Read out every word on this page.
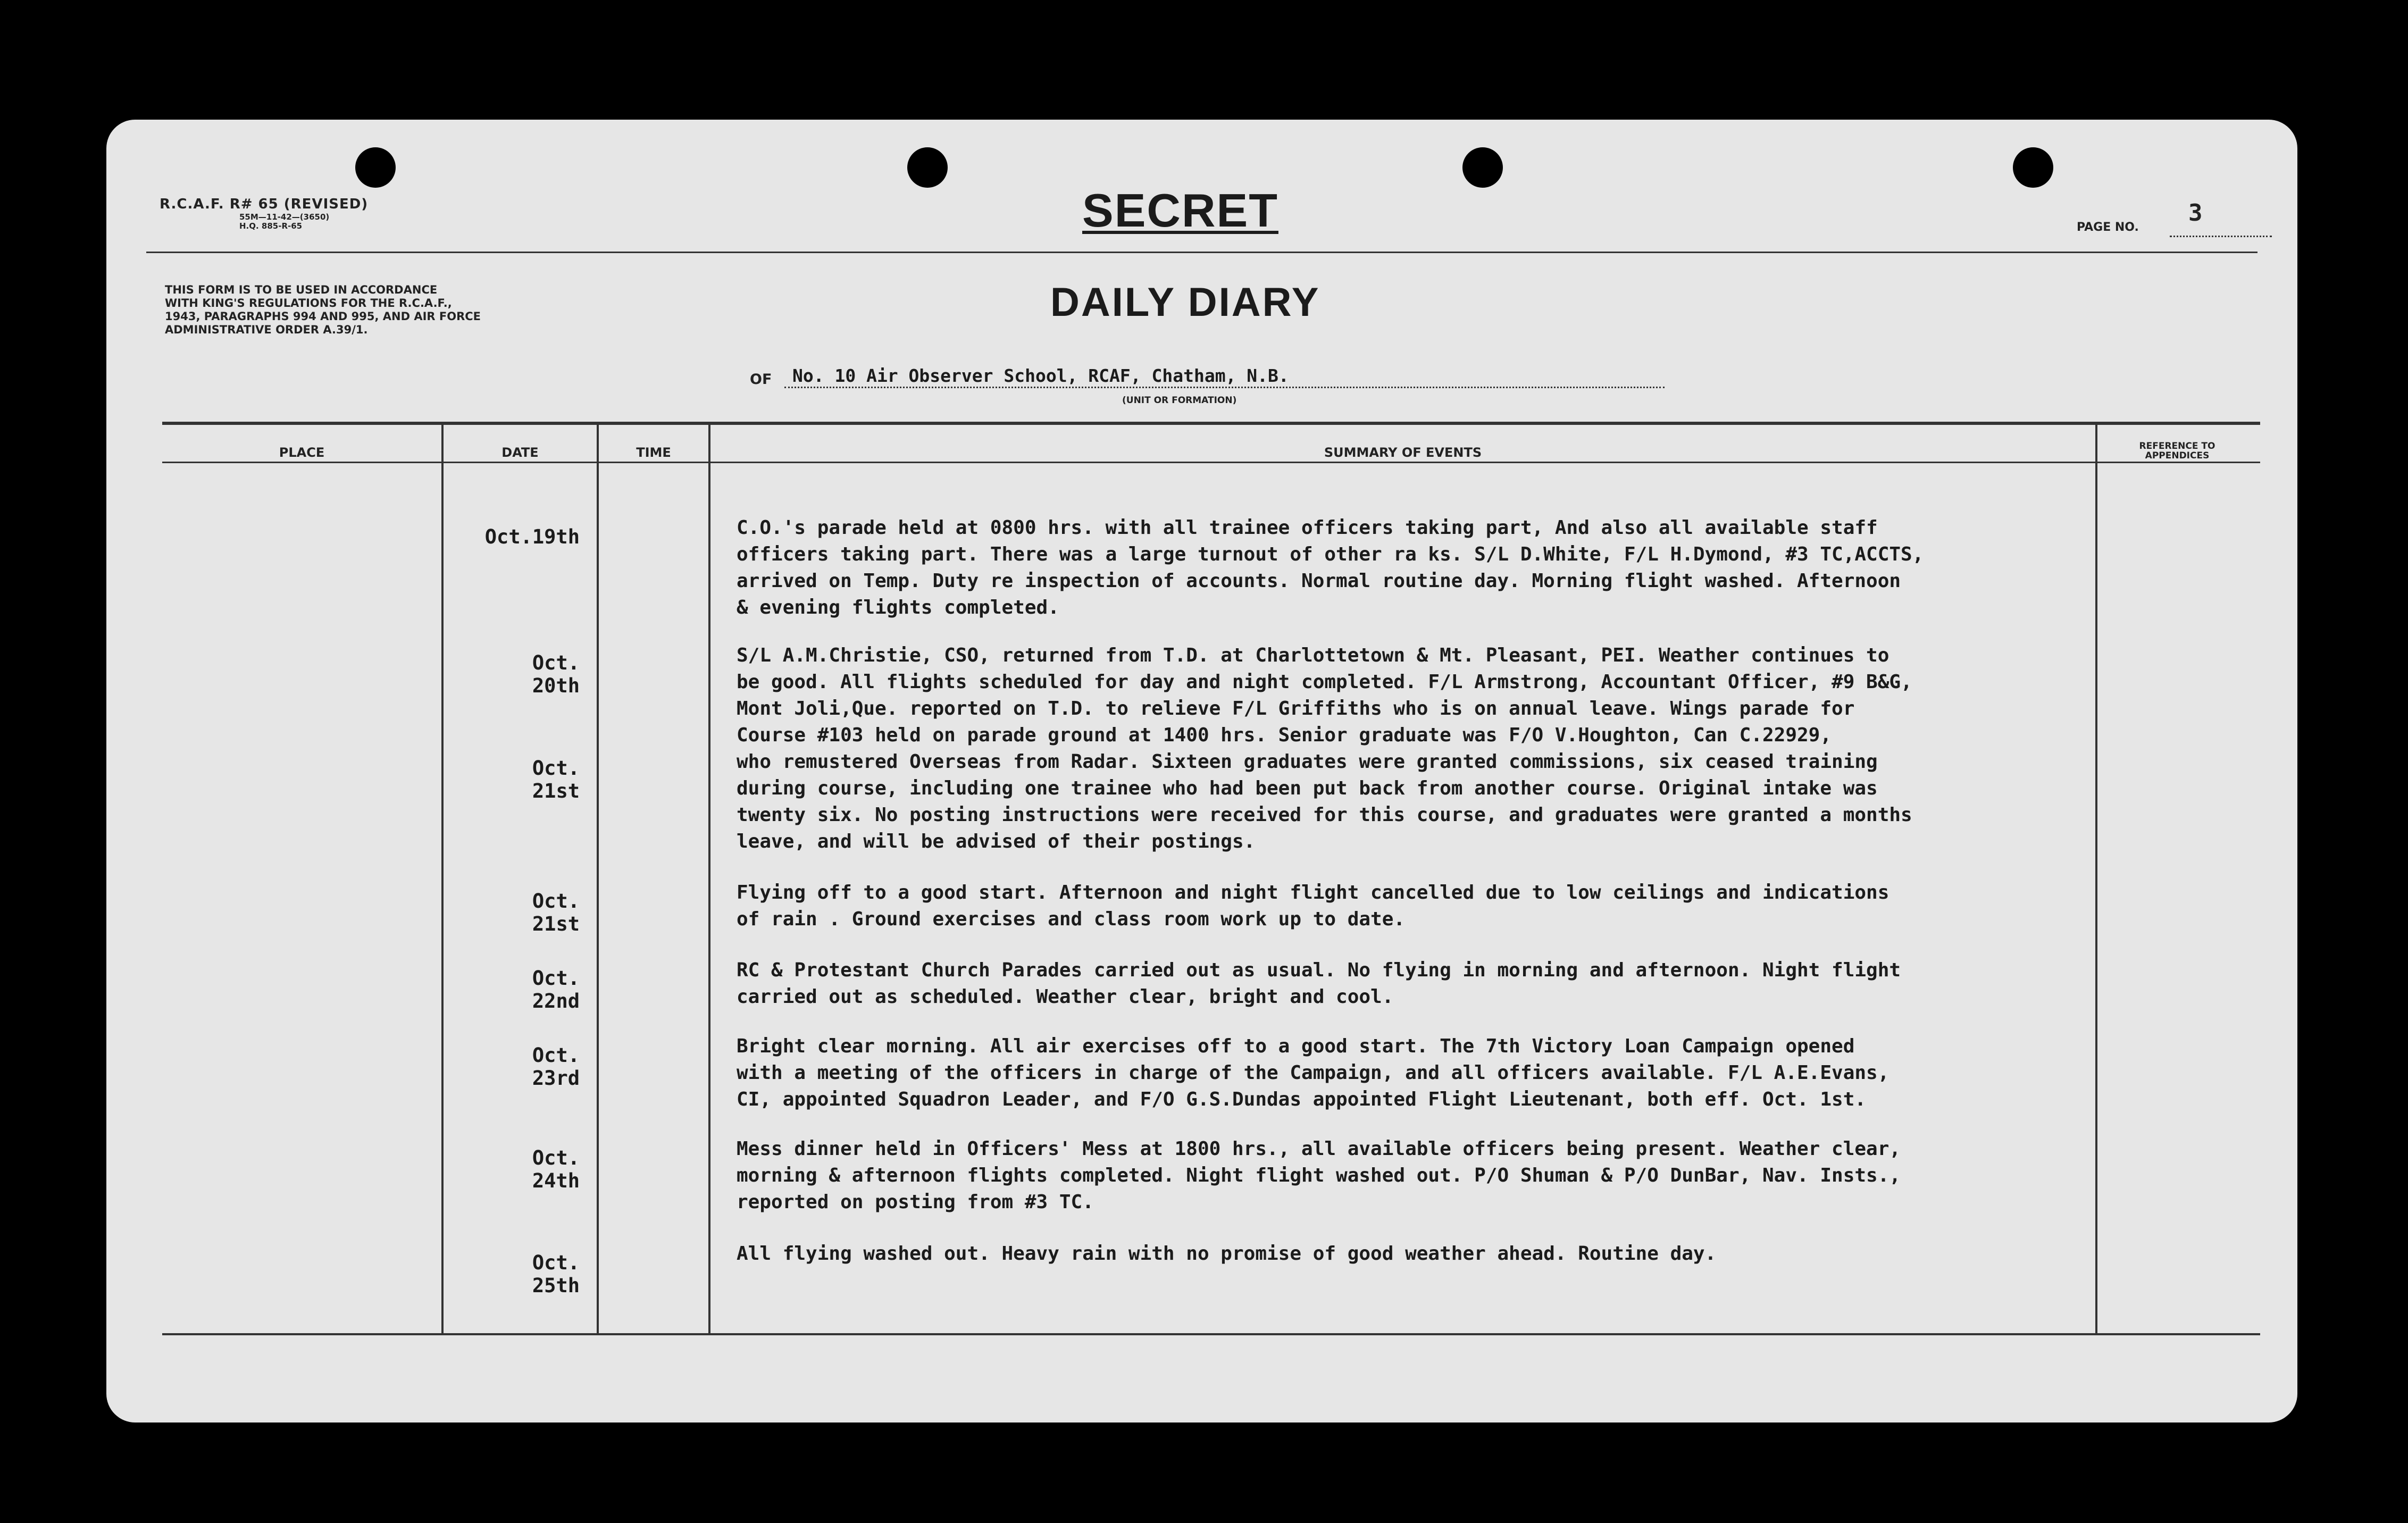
R.C.A.F. R# 65 (REVISED)
55M—11-42—(3650)
H.Q. 885-R-65	SECRET	PAGE NO.
3
THIS FORM IS TO BE USED IN ACCORDANCE
WITH KING'S REGULATIONS FOR THE R.C.A.F.,
1943, PARAGRAPHS 994 AND 995, AND AIR FORCE
ADMINISTRATIVE ORDER A.39/1.
DAILY DIARY
OF No. 10 Air Observer School, RCAF, Chatham, N.B.
(UNIT OR FORMATION)
PLACE	DATE	TIME	SUMMARY OF EVENTS	REFERENCE TO
APPENDICES
Oct.19th	C.O.'s parade held at 0800 hrs. with all trainee officers taking part, And also all available staff
officers taking part. There was a large turnout of other ra ks. S/L D.White, F/L H.Dymond, #3 TC,ACCTS,
arrived on Temp. Duty re inspection of accounts. Normal routine day. Morning flight washed. Afternoon
& evening flights completed.
Oct. 20th
S/L A.M.Christie, CSO, returned from T.D. at Charlottetown & Mt. Pleasant, PEI. Weather continues to
be good. All flights scheduled for day and night completed. F/L Armstrong, Accountant Officer, #9 B&G,
Mont Joli,Que. reported on T.D. to relieve F/L Griffiths who is on annual leave. Wings parade for
Course #103 held on parade ground at 1400 hrs. Senior graduate was F/O V.Houghton, Can C.22929,
who remustered Overseas from Radar. Sixteen graduates were granted commissions, six ceased training
during course, including one trainee who had been put back from another course. Original intake was
twenty six. No posting instructions were received for this course, and graduates were granted a months
leave, and will be advised of their postings.
Oct. 21st
Oct. 21st
Flying off to a good start. Afternoon and night flight cancelled due to low ceilings and indications
of rain . Ground exercises and class room work up to date.
Oct. 22nd
RC & Protestant Church Parades carried out as usual. No flying in morning and afternoon. Night flight
carried out as scheduled. Weather clear, bright and cool.
Oct. 23rd
Bright clear morning. All air exercises off to a good start. The 7th Victory Loan Campaign opened
with a meeting of the officers in charge of the Campaign, and all officers available. F/L A.E.Evans,
CI, appointed Squadron Leader, and F/O G.S.Dundas appointed Flight Lieutenant, both eff. Oct. 1st.
Oct. 24th
Mess dinner held in Officers' Mess at 1800 hrs., all available officers being present. Weather clear,
morning & afternoon flights completed. Night flight washed out. P/O Shuman & P/O DunBar, Nav. Insts.,
reported on posting from #3 TC.
Oct. 25th
All flying washed out. Heavy rain with no promise of good weather ahead. Routine day.
